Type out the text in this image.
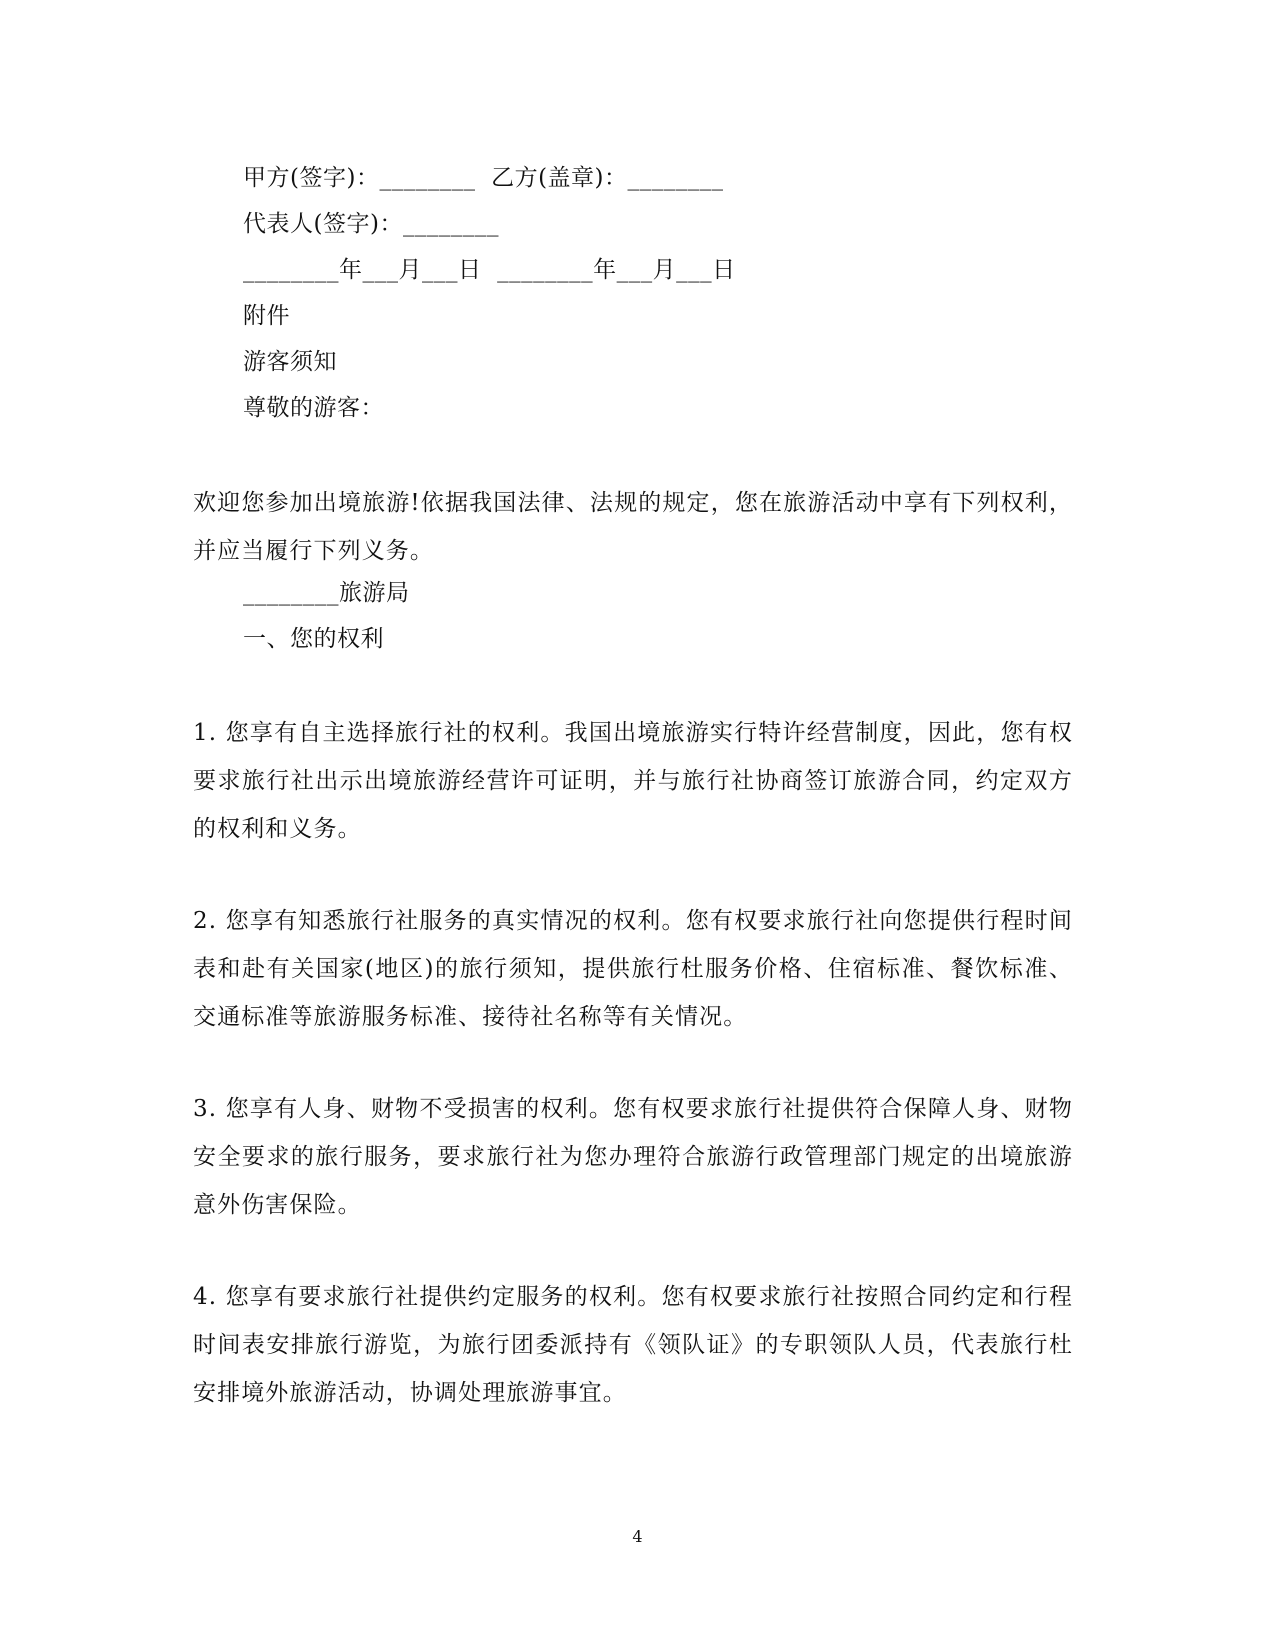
甲方(签字)：________  乙方(盖章)：________
代表人(签字)：________
________年___月___日  ________年___月___日
附件
游客须知
尊敬的游客：
欢迎您参加出境旅游!依据我国法律、法规的规定，您在旅游活动中享有下列权利，并应当履行下列义务。
________旅游局
一、您的权利
1. 您享有自主选择旅行社的权利。我国出境旅游实行特许经营制度，因此，您有权要求旅行社出示出境旅游经营许可证明，并与旅行社协商签订旅游合同，约定双方的权利和义务。
2. 您享有知悉旅行社服务的真实情况的权利。您有权要求旅行社向您提供行程时间表和赴有关国家(地区)的旅行须知，提供旅行杜服务价格、住宿标准、餐饮标准、交通标准等旅游服务标准、接待社名称等有关情况。
3. 您享有人身、财物不受损害的权利。您有权要求旅行社提供符合保障人身、财物安全要求的旅行服务，要求旅行社为您办理符合旅游行政管理部门规定的出境旅游意外伤害保险。
4. 您享有要求旅行社提供约定服务的权利。您有权要求旅行社按照合同约定和行程时间表安排旅行游览，为旅行团委派持有《领队证》的专职领队人员，代表旅行杜安排境外旅游活动，协调处理旅游事宜。
4
